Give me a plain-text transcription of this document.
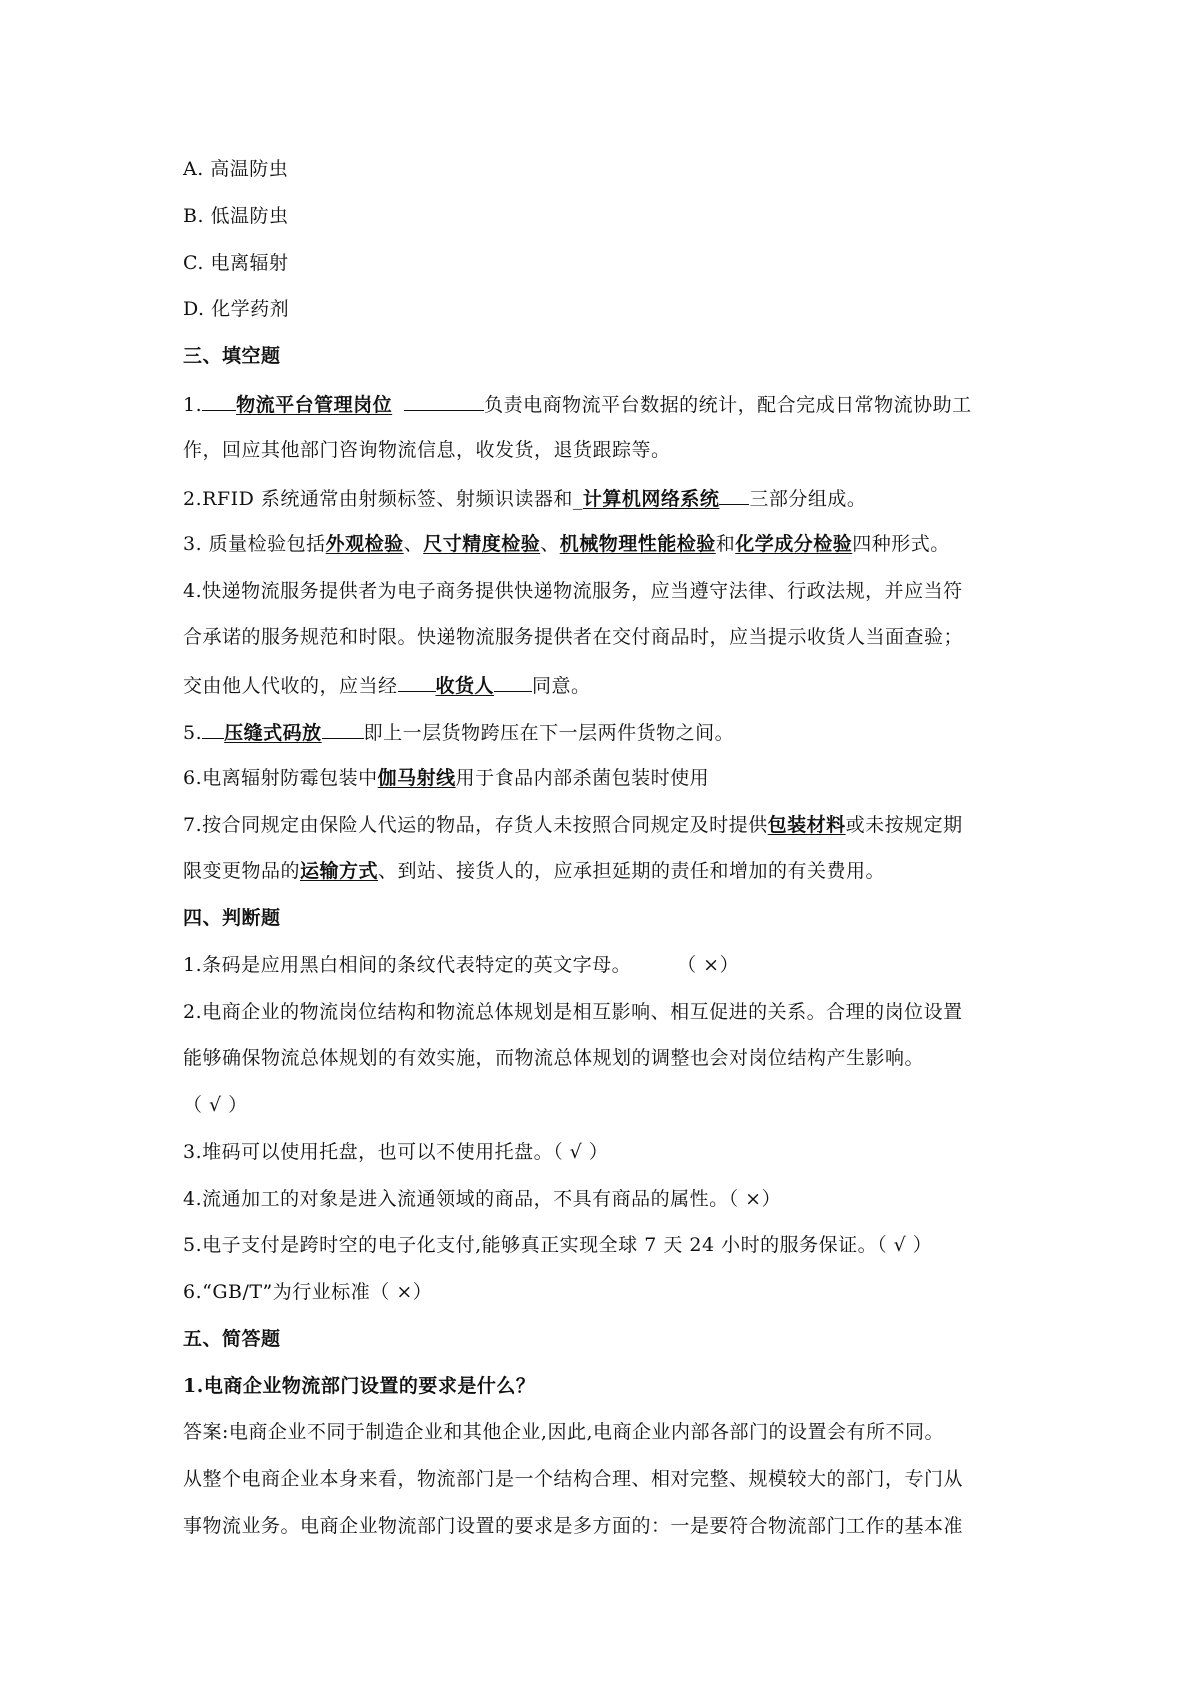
A. 高温防虫
B. 低温防虫
C. 电离辐射
D. 化学药剂
三、填空题
1. 物流平台管理岗位	负责电商物流平台数据的统计，配合完成日常物流协助工
作，回应其他部门咨询物流信息，收发货，退货跟踪等。
2.RFID 系统通常由射频标签、射频识读器和_计算机网络系统 三部分组成。
3. 质量检验包括外观检验、尺寸精度检验、机械物理性能检验和化学成分检验四种形式。
4.快递物流服务提供者为电子商务提供快递物流服务，应当遵守法律、行政法规，并应当符
合承诺的服务规范和时限。快递物流服务提供者在交付商品时，应当提示收货人当面查验；
交由他人代收的，应当经 收货人 同意。
5. 压缝式码放 即上一层货物跨压在下一层两件货物之间。
6.电离辐射防霉包装中伽马射线用于食品内部杀菌包装时使用
7.按合同规定由保险人代运的物品，存货人未按照合同规定及时提供包装材料或未按规定期
限变更物品的运输方式、到站、接货人的，应承担延期的责任和增加的有关费用。
四、判断题
1.条码是应用黑白相间的条纹代表特定的英文字母。 （ ×）
2.电商企业的物流岗位结构和物流总体规划是相互影响、相互促进的关系。合理的岗位设置
能够确保物流总体规划的有效实施，而物流总体规划的调整也会对岗位结构产生影响。
（ √ ）
3.堆码可以使用托盘，也可以不使用托盘。（ √ ）
4.流通加工的对象是进入流通领域的商品，不具有商品的属性。（ ×）
5.电子支付是跨时空的电子化支付,能够真正实现全球 7 天 24 小时的服务保证。（ √ ）
6.“GB/T”为行业标准（ ×）
五、简答题
1.电商企业物流部门设置的要求是什么？
答案:电商企业不同于制造企业和其他企业,因此,电商企业内部各部门的设置会有所不同。
从整个电商企业本身来看，物流部门是一个结构合理、相对完整、规模较大的部门，专门从
事物流业务。电商企业物流部门设置的要求是多方面的：一是要符合物流部门工作的基本准
